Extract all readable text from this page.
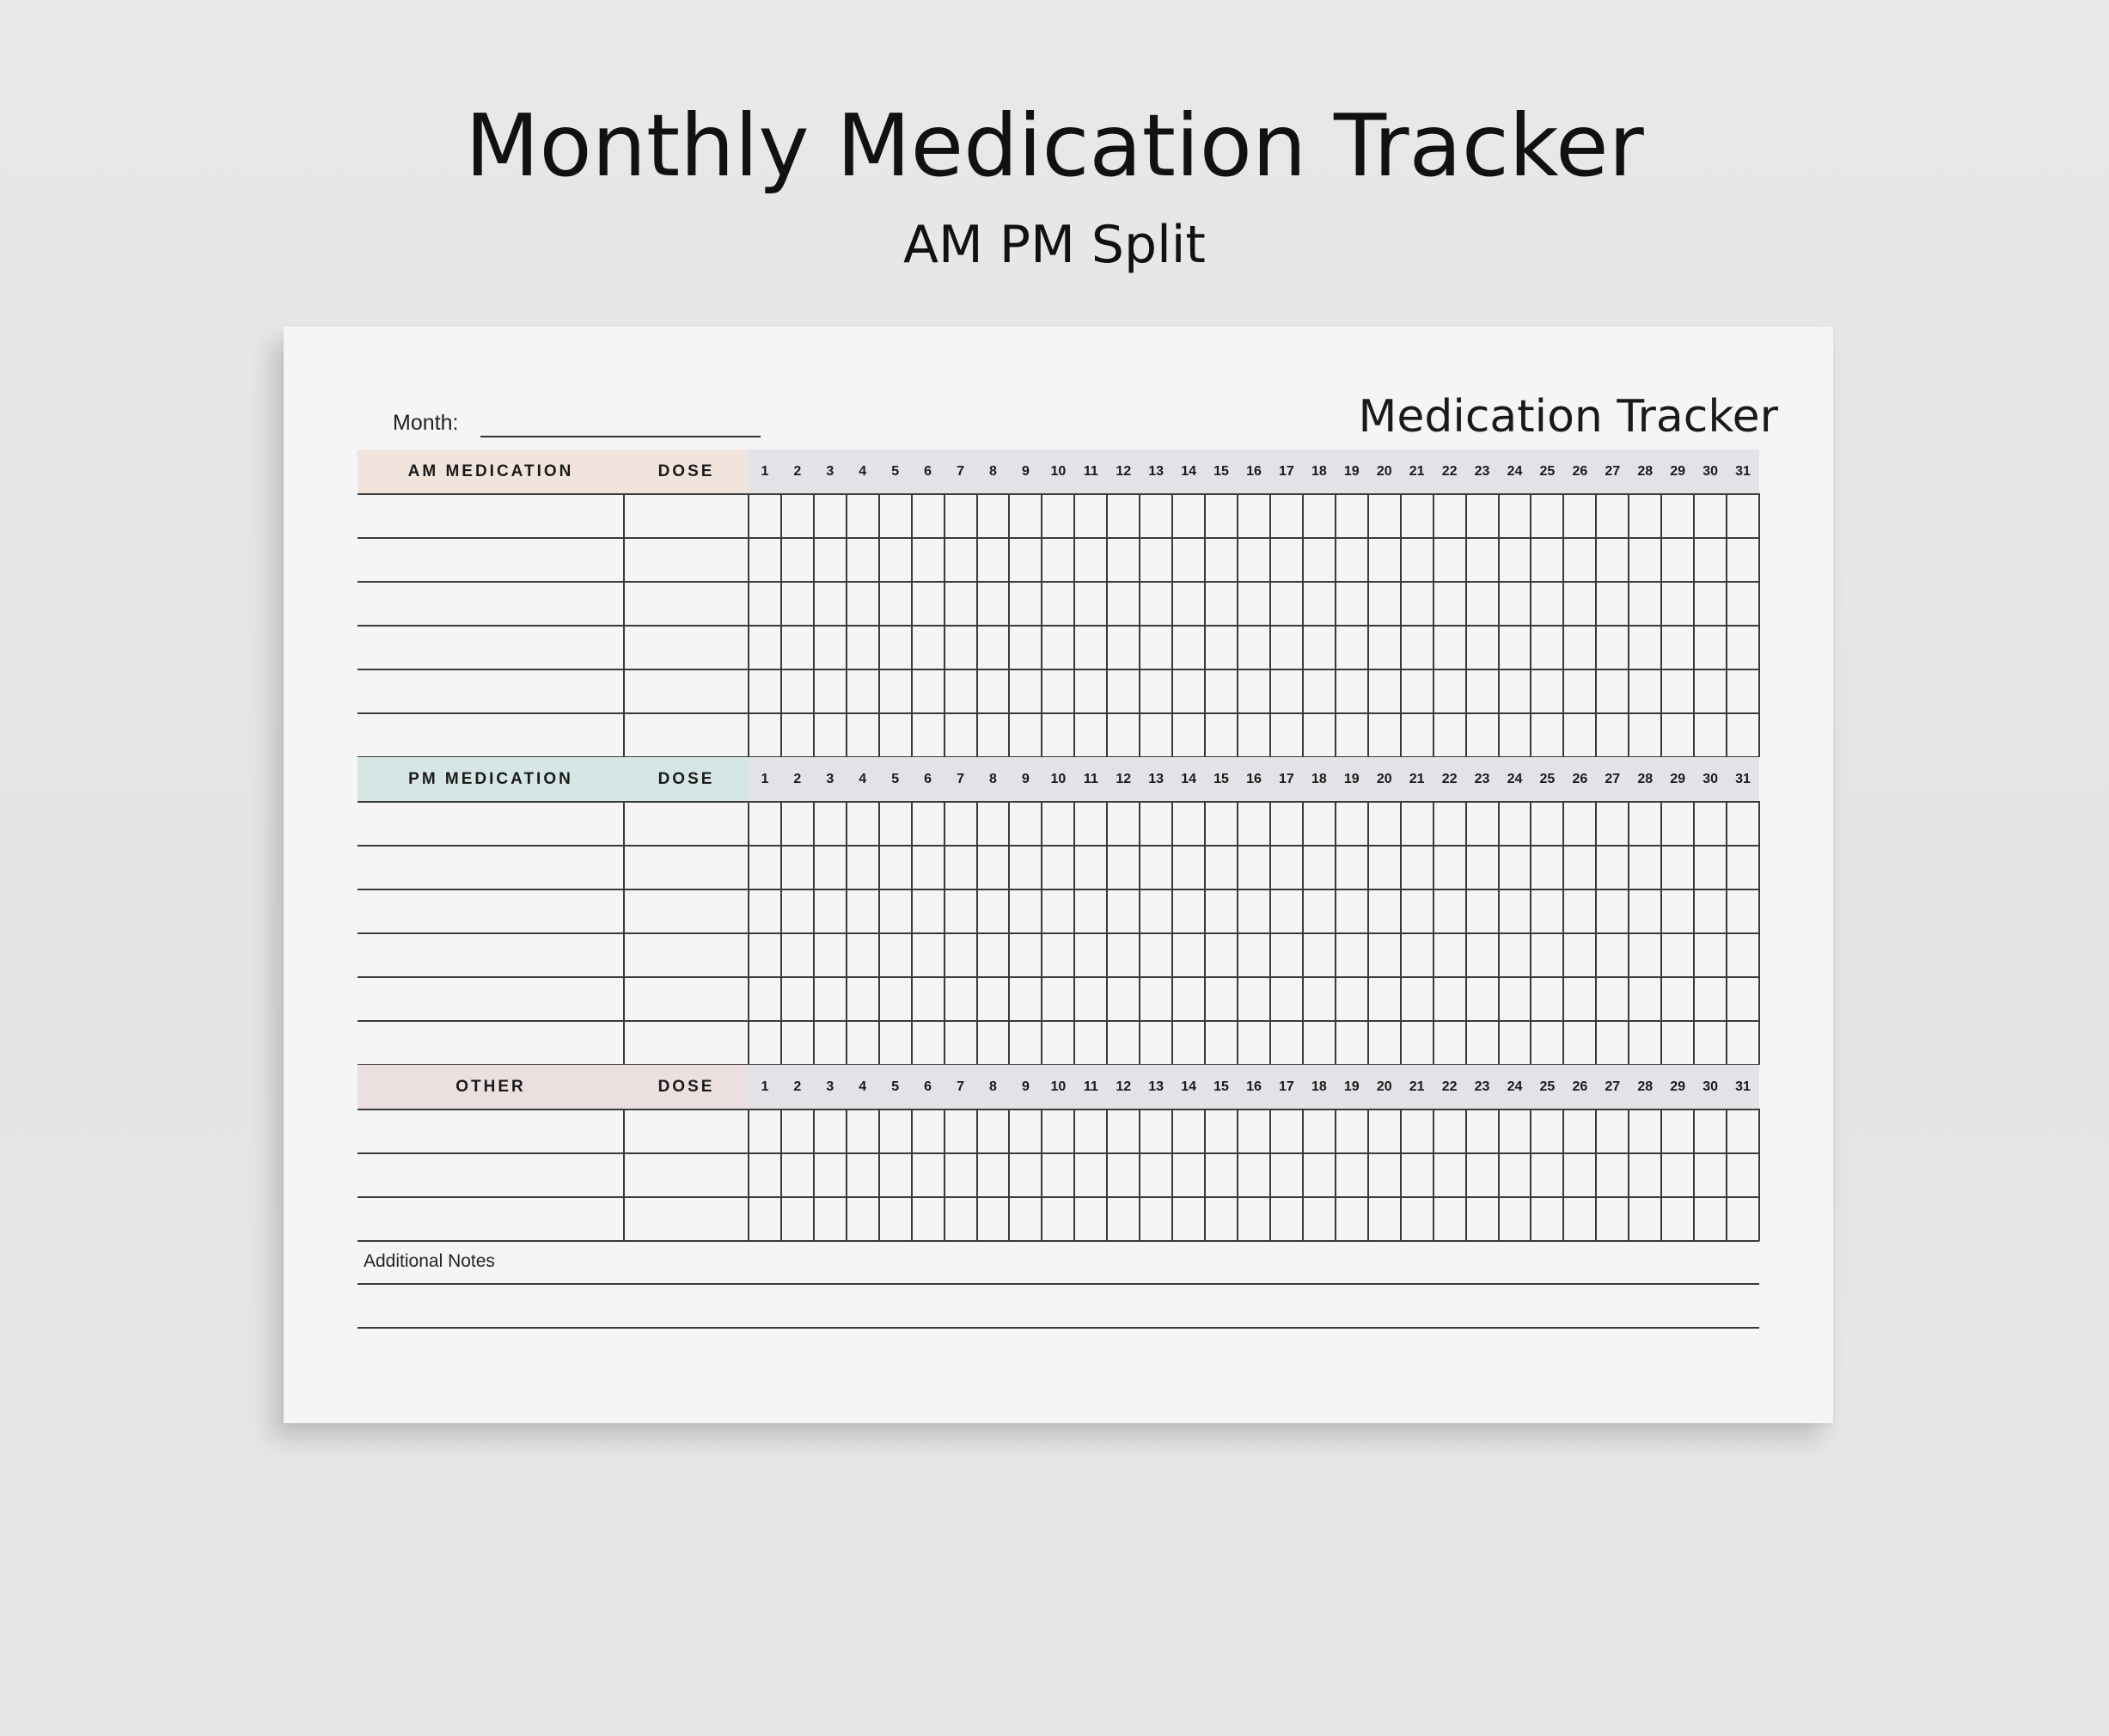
Monthly Medication Tracker
AM PM Split
Month:	Medication Tracker
AM MEDICATION	DOSE	1	2	3	4	5	6	7	8	9	10	11	12	13	14	15	16	17	18	19	20	21	22	23	24	25	26	27	28	29	30	31
PM MEDICATION	DOSE	1	2	3	4	5	6	7	8	9	10	11	12	13	14	15	16	17	18	19	20	21	22	23	24	25	26	27	28	29	30	31
OTHER	DOSE	1	2	3	4	5	6	7	8	9	10	11	12	13	14	15	16	17	18	19	20	21	22	23	24	25	26	27	28	29	30	31
Additional Notes
